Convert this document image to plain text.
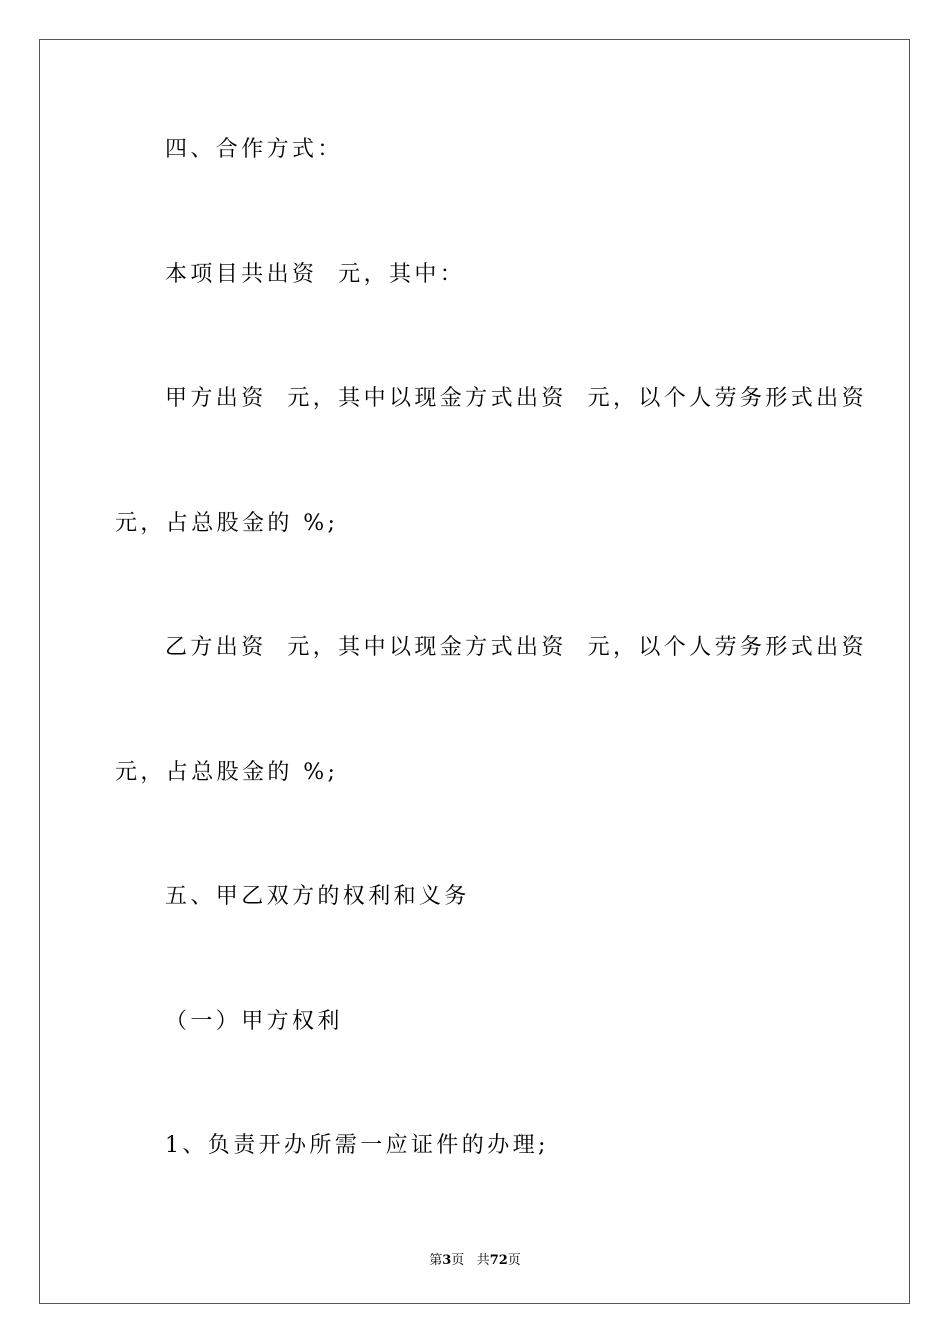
四、合作方式：
本项目共出资  元，其中：
甲方出资  元，其中以现金方式出资  元，以个人劳务形式出资
元，占总股金的 %;
乙方出资  元，其中以现金方式出资  元，以个人劳务形式出资
元，占总股金的 %;
五、甲乙双方的权利和义务
（一）甲方权利
1、负责开办所需一应证件的办理;
第3页 共72页
